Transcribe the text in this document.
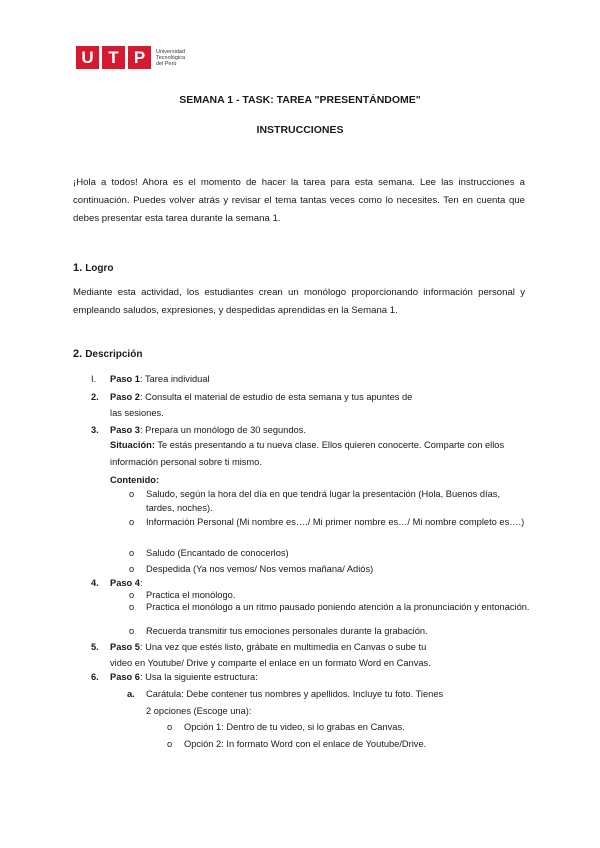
U T P	Universidad
Tecnológica
del Perú
SEMANA 1 - TASK: TAREA "PRESENTÁNDOME"
INSTRUCCIONES
¡Hola a todos! Ahora es el momento de hacer la tarea para esta semana. Lee las instrucciones a continuación. Puedes volver atrás y revisar el tema tantas veces como lo necesites. Ten en cuenta que debes presentar esta tarea durante la semana 1.
1. Logro
Mediante esta actividad, los estudiantes crean un monólogo proporcionando información personal y empleando saludos, expresiones, y despedidas aprendidas en la Semana 1.
2. Descripción
I. Paso 1: Tarea individual
2. Paso 2: Consulta el material de estudio de esta semana y tus apuntes de
las sesiones.
3. Paso 3: Prepara un monólogo de 30 segundos.
Situación: Te estás presentando a tu nueva clase. Ellos quieren conocerte. Comparte con ellos información personal sobre ti mismo.
Contenido:
o Saludo, según la hora del día en que tendrá lugar la presentación (Hola, Buenos días, tardes, noches).
o Información Personal (Mi nombre es…./ Mi primer nombre es…/ Mi nombre completo es….)
o Saludo (Encantado de conocerlos)
o Despedida (Ya nos vemos/ Nos vemos mañana/ Adiós)
4. Paso 4:
o Practica el monólogo.
o Practica el monólogo a un ritmo pausado poniendo atención a la pronunciación y entonación.
o Recuerda transmitir tus emociones personales durante la grabación.
5. Paso 5: Una vez que estés listo, grábate en multimedia en Canvas o sube tu
video en Youtube/ Drive y comparte el enlace en un formato Word en Canvas.
6. Paso 6: Usa la siguiente estructura:
a. Carátula: Debe contener tus nombres y apellidos. Incluye tu foto. Tienes
2 opciones (Escoge una):
o Opción 1: Dentro de tu video, si lo grabas en Canvas.
o Opción 2: In formato Word con el enlace de Youtube/Drive.
